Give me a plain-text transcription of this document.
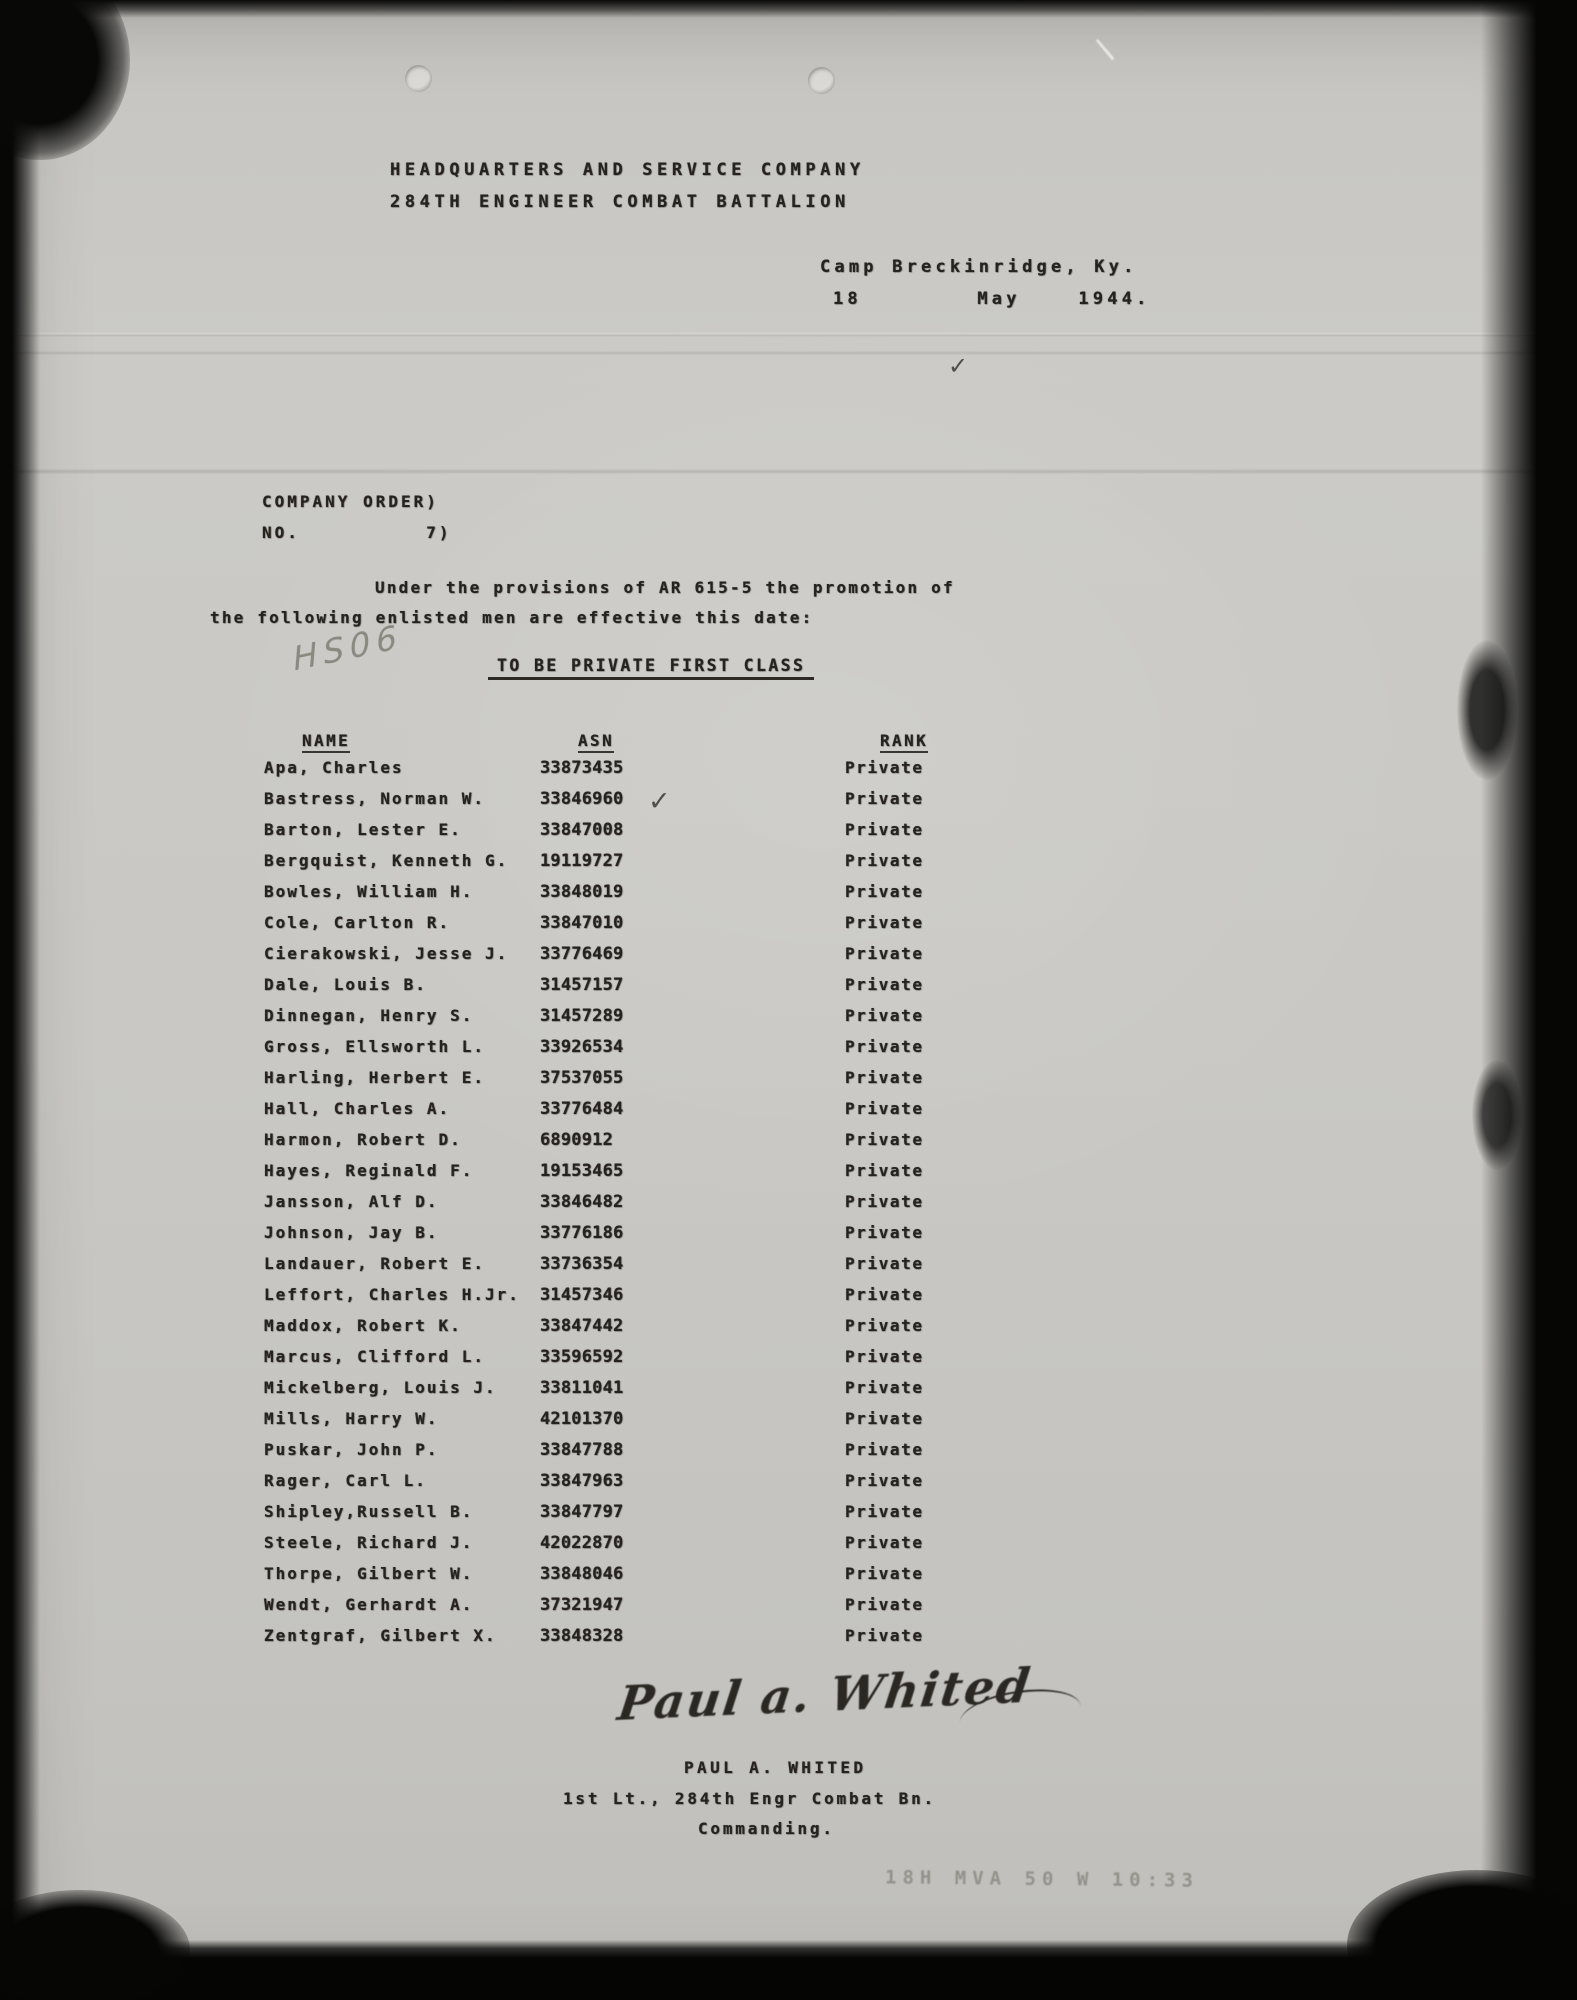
HEADQUARTERS AND SERVICE COMPANY
284TH ENGINEER COMBAT BATTALION
Camp Breckinridge, Ky.
18        May    1944.
✓
COMPANY ORDER)
NO.          7)
Under the provisions of AR 615-5 the promotion of
the following enlisted men are effective this date:
HS06	TO BE PRIVATE FIRST CLASS
NAME	ASN	RANK
Apa, Charles	33873435	Private
Bastress, Norman W.	33846960	Private
Barton, Lester E.	33847008	Private
Bergquist, Kenneth G. 19119727	Private
Bowles, William H.	33848019	Private
Cole, Carlton R.	33847010	Private
Cierakowski, Jesse J. 33776469	Private
Dale, Louis B.	31457157	Private
Dinnegan, Henry S.	31457289	Private
Gross, Ellsworth L.	33926534	Private
Harling, Herbert E.	37537055	Private
Hall, Charles A.	33776484	Private
Harmon, Robert D.	6890912	Private
Hayes, Reginald F.	19153465	Private
Jansson, Alf D.	33846482	Private
Johnson, Jay B.	33776186	Private
Landauer, Robert E.	33736354	Private
Leffort, Charles H.Jr. 31457346	Private
Maddox, Robert K.	33847442	Private
Marcus, Clifford L.	33596592	Private
Mickelberg, Louis J.	33811041	Private
Mills, Harry W.	42101370	Private
Puskar, John P.	33847788	Private
Rager, Carl L.	33847963	Private
Shipley,Russell B.	33847797	Private
Steele, Richard J.	42022870	Private
Thorpe, Gilbert W.	33848046	Private
Wendt, Gerhardt A.	37321947	Private
Zentgraf, Gilbert X.	33848328	Private
✓
Paul a. Whited
PAUL A. WHITED
1st Lt., 284th Engr Combat Bn.
Commanding.
18H MVA 50 W 10:33
